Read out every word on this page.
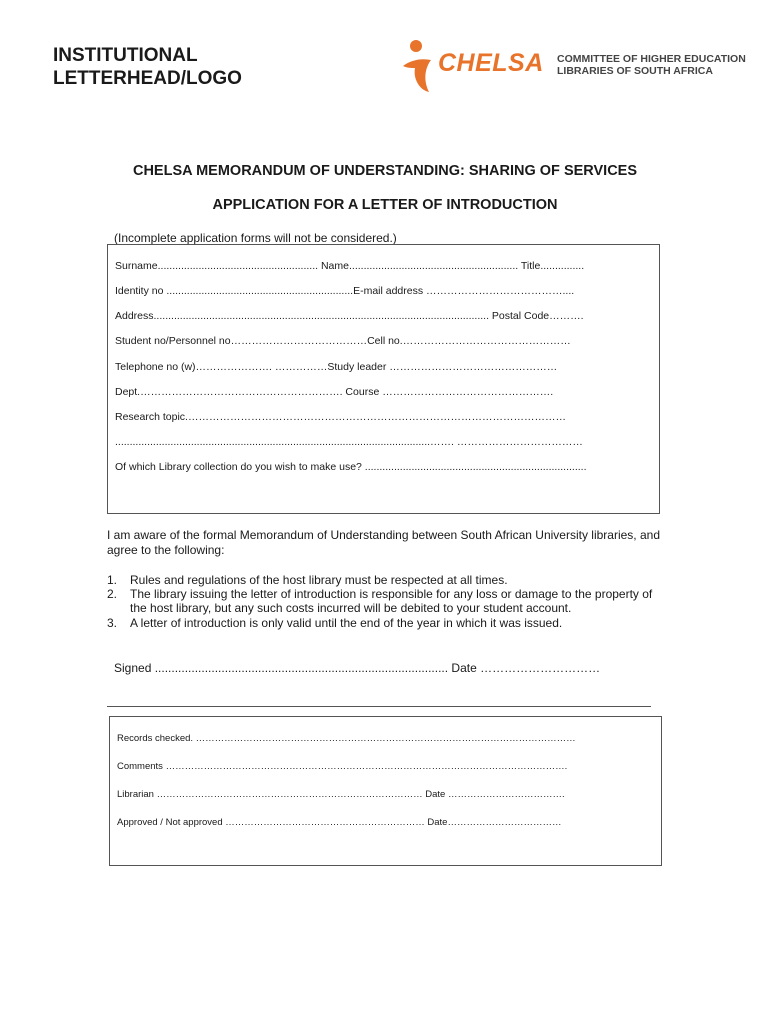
INSTITUTIONAL
LETTERHEAD/LOGO
CHELSA COMMITTEE OF HIGHER EDUCATION
LIBRARIES OF SOUTH AFRICA
CHELSA MEMORANDUM OF UNDERSTANDING: SHARING OF SERVICES
APPLICATION FOR A LETTER OF INTRODUCTION
(Incomplete application forms will not be considered.)
Surname....................................................... Name.......................................................... Title...............
Identity no ................................................................E-mail address …………………………………....
Address................................................................................................................... Postal Code……….
Student no/Personnel no…………………………………Cell no.…………………………………………
Telephone no (w)…………………. ……………Study leader …………………………………………
Dept.…………………………………………………. Course ………………………………………….
Research topic.………………………………………………………………………………………………
............................................................................................................……. ………………………………
Of which Library collection do you wish to make use? ............................................................................
I am aware of the formal Memorandum of Understanding between South African University libraries, and agree to the following:
1. Rules and regulations of the host library must be respected at all times.
2. The library issuing the letter of introduction is responsible for any loss or damage to the property of the host library, but any such costs incurred will be debited to your student account.
3. A letter of introduction is only valid until the end of the year in which it was issued.
Signed ........................................................................................ Date …………………………
Records checked. …………………………………………………………………………………………………………
Comments ……………………………………………………………………………………………………………….
Librarian ………………………………………………………………………… Date ……………………………….
Approved / Not approved ……………………………………………………… Date………………………………
